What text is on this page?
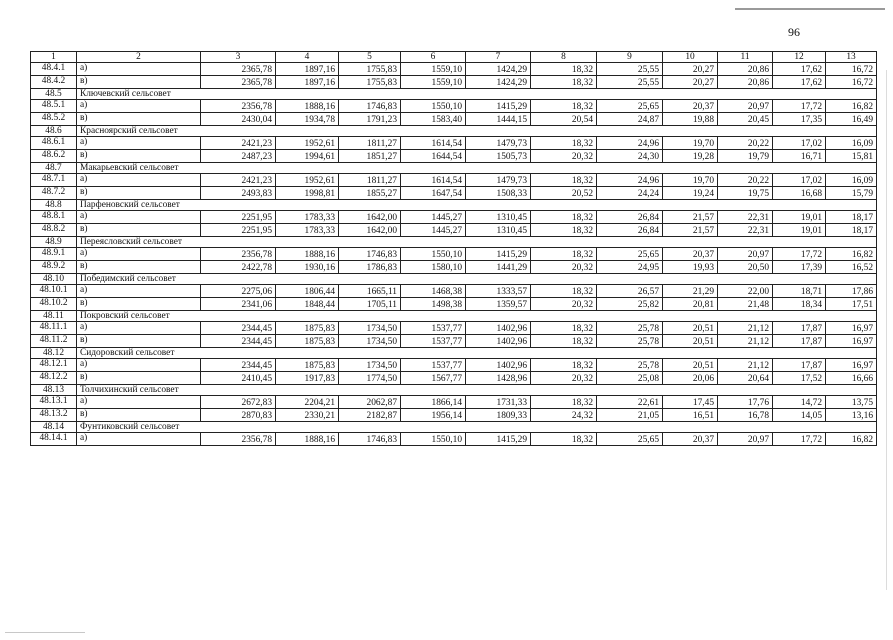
96
1	2	3	4	5	6	7	8	9	10	11	12	13
48.4.1	а)	2365,78	1897,16	1755,83	1559,10	1424,29	18,32	25,55	20,27	20,86	17,62	16,72
48.4.2	в)	2365,78	1897,16	1755,83	1559,10	1424,29	18,32	25,55	20,27	20,86	17,62	16,72
48.5	Ключевский сельсовет											
48.5.1	а)	2356,78	1888,16	1746,83	1550,10	1415,29	18,32	25,65	20,37	20,97	17,72	16,82
48.5.2	в)	2430,04	1934,78	1791,23	1583,40	1444,15	20,54	24,87	19,88	20,45	17,35	16,49
48.6	Красноярский сельсовет											
48.6.1	а)	2421,23	1952,61	1811,27	1614,54	1479,73	18,32	24,96	19,70	20,22	17,02	16,09
48.6.2	в)	2487,23	1994,61	1851,27	1644,54	1505,73	20,32	24,30	19,28	19,79	16,71	15,81
48.7	Макарьевский сельсовет											
48.7.1	а)	2421,23	1952,61	1811,27	1614,54	1479,73	18,32	24,96	19,70	20,22	17,02	16,09
48.7.2	в)	2493,83	1998,81	1855,27	1647,54	1508,33	20,52	24,24	19,24	19,75	16,68	15,79
48.8	Парфеновский сельсовет											
48.8.1	а)	2251,95	1783,33	1642,00	1445,27	1310,45	18,32	26,84	21,57	22,31	19,01	18,17
48.8.2	в)	2251,95	1783,33	1642,00	1445,27	1310,45	18,32	26,84	21,57	22,31	19,01	18,17
48.9	Переясловский сельсовет											
48.9.1	а)	2356,78	1888,16	1746,83	1550,10	1415,29	18,32	25,65	20,37	20,97	17,72	16,82
48.9.2	в)	2422,78	1930,16	1786,83	1580,10	1441,29	20,32	24,95	19,93	20,50	17,39	16,52
48.10	Победимский сельсовет											
48.10.1	а)	2275,06	1806,44	1665,11	1468,38	1333,57	18,32	26,57	21,29	22,00	18,71	17,86
48.10.2	в)	2341,06	1848,44	1705,11	1498,38	1359,57	20,32	25,82	20,81	21,48	18,34	17,51
48.11	Покровский сельсовет											
48.11.1	а)	2344,45	1875,83	1734,50	1537,77	1402,96	18,32	25,78	20,51	21,12	17,87	16,97
48.11.2	в)	2344,45	1875,83	1734,50	1537,77	1402,96	18,32	25,78	20,51	21,12	17,87	16,97
48.12	Сидоровский сельсовет											
48.12.1	а)	2344,45	1875,83	1734,50	1537,77	1402,96	18,32	25,78	20,51	21,12	17,87	16,97
48.12.2	в)	2410,45	1917,83	1774,50	1567,77	1428,96	20,32	25,08	20,06	20,64	17,52	16,66
48.13	Толчихинский сельсовет											
48.13.1	а)	2672,83	2204,21	2062,87	1866,14	1731,33	18,32	22,61	17,45	17,76	14,72	13,75
48.13.2	в)	2870,83	2330,21	2182,87	1956,14	1809,33	24,32	21,05	16,51	16,78	14,05	13,16
48.14	Фунтиковский сельсовет											
48.14.1	а)	2356,78	1888,16	1746,83	1550,10	1415,29	18,32	25,65	20,37	20,97	17,72	16,82
